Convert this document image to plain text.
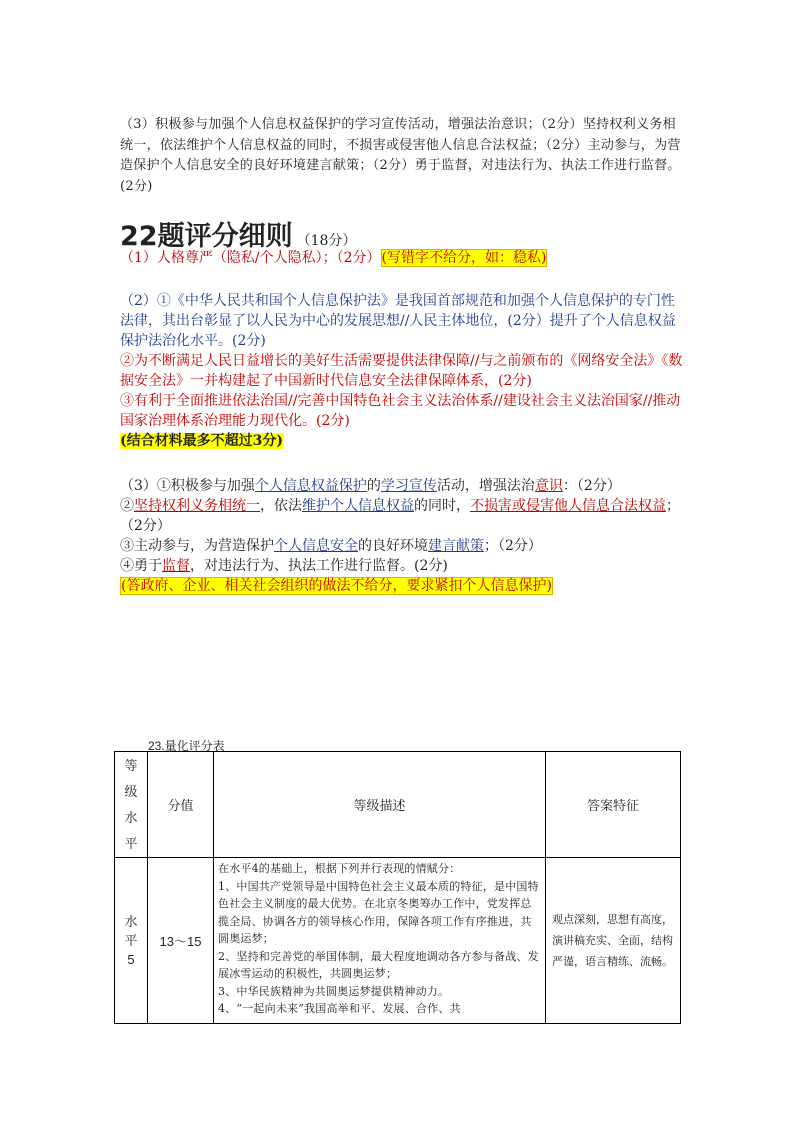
（3）积极参与加强个人信息权益保护的学习宣传活动，增强法治意识；（2分）坚持权利义务相统一，依法维护个人信息权益的同时，不损害或侵害他人信息合法权益；（2分）主动参与，为营造保护个人信息安全的良好环境建言献策；（2分）勇于监督，对违法行为、执法工作进行监督。(2分)
22题评分细则 （18分）
（1）人格尊严（隐私/个人隐私）；（2分）(写错字不给分，如：稳私)
（2）①《中华人民共和国个人信息保护法》是我国首部规范和加强个人信息保护的专门性法律，其出台彰显了以人民为中心的发展思想//人民主体地位，(2分）提升了个人信息权益保护法治化水平。(2分)
②为不断满足人民日益增长的美好生活需要提供法律保障//与之前颁布的《网络安全法》《数据安全法》一并构建起了中国新时代信息安全法律保障体系，(2分)
③有利于全面推进依法治国//完善中国特色社会主义法治体系//建设社会主义法治国家//推动国家治理体系治理能力现代化。(2分)
(结合材料最多不超过3分)
（3）①积极参与加强个人信息权益保护的学习宣传活动，增强法治意识：（2分）
②坚持权利义务相统一，依法维护个人信息权益的同时，不损害或侵害他人信息合法权益；（2分）
③主动参与，为营造保护个人信息安全的良好环境建言献策；（2分）
④勇于监督，对违法行为、执法工作进行监督。(2分)
(答政府、企业、相关社会组织的做法不给分，要求紧扣个人信息保护)
23.量化评分表
等级水平	分值	等级描述	答案特征

水平5	13～15	在水平4的基础上，根据下列并行表现的情赋分：
1、中国共产党领导是中国特色社会主义最本质的特征，是中国特色社会主义制度的最大优势。在北京冬奥筹办工作中，党发挥总揽全局、协调各方的领导核心作用，保障各项工作有序推进，共圆奥运梦；
2、坚持和完善党的举国体制，最大程度地调动各方参与备战、发展冰雪运动的积极性，共圆奥运梦；
3、中华民族精神为共圆奥运梦提供精神动力。
4、“一起向未来”我国高举和平、发展、合作、共	观点深刻，思想有高度，演讲稿充实、全面，结构严谨，语言精练、流畅。
